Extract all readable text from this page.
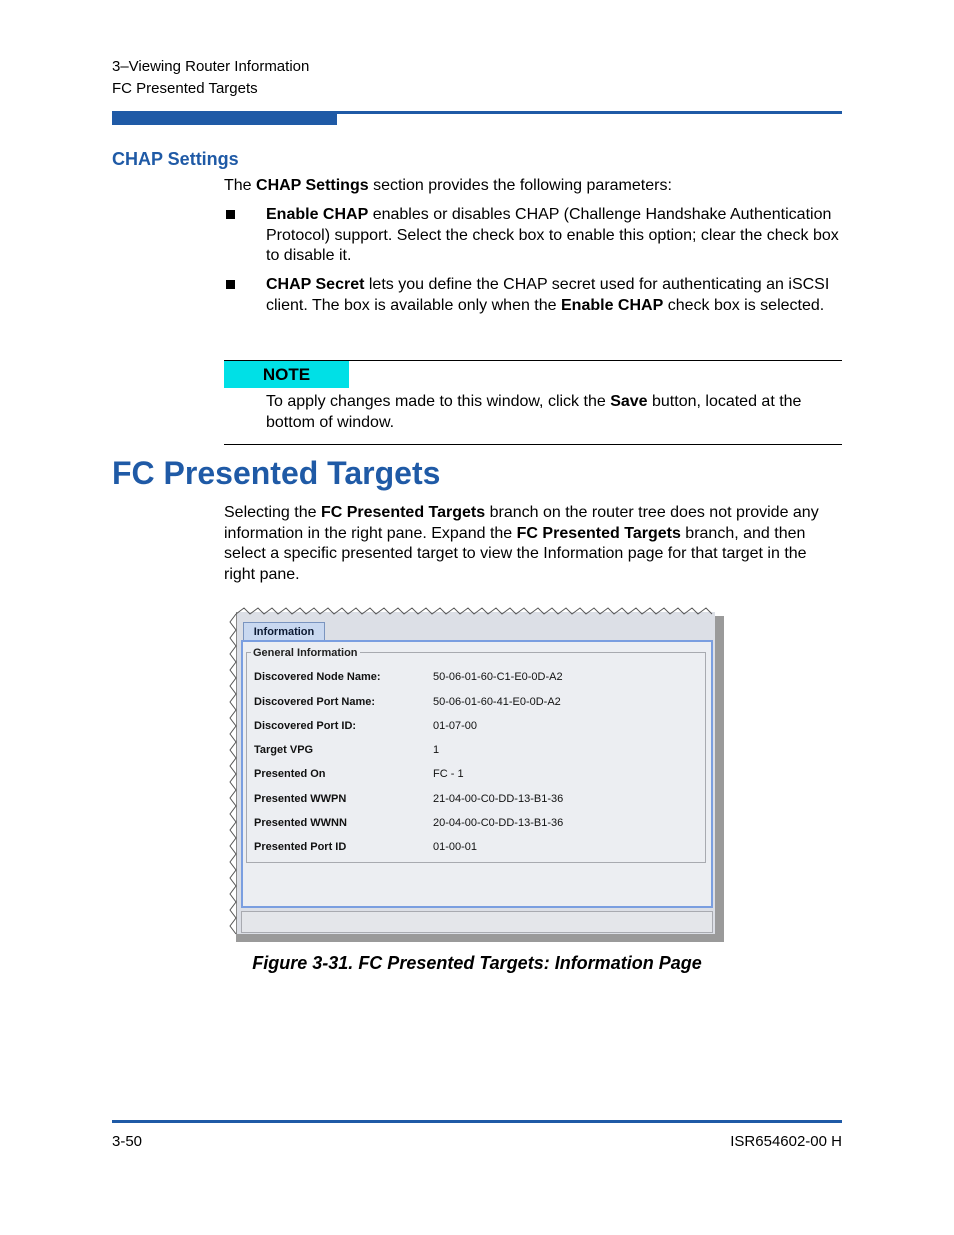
3–Viewing Router Information
FC Presented Targets
CHAP Settings
The CHAP Settings section provides the following parameters:
Enable CHAP enables or disables CHAP (Challenge Handshake Authentication Protocol) support. Select the check box to enable this option; clear the check box to disable it.
CHAP Secret lets you define the CHAP secret used for authenticating an iSCSI client. The box is available only when the Enable CHAP check box is selected.
NOTE
To apply changes made to this window, click the Save button, located at the bottom of window.
FC Presented Targets
Selecting the FC Presented Targets branch on the router tree does not provide any information in the right pane. Expand the FC Presented Targets branch, and then select a specific presented target to view the Information page for that target in the right pane.
Information
General Information
Discovered Node Name:	50-06-01-60-C1-E0-0D-A2
Discovered Port Name:	50-06-01-60-41-E0-0D-A2
Discovered Port ID:	01-07-00
Target VPG	1
Presented On	FC - 1
Presented WWPN	21-04-00-C0-DD-13-B1-36
Presented WWNN	20-04-00-C0-DD-13-B1-36
Presented Port ID	01-00-01
Figure 3-31. FC Presented Targets: Information Page
3-50	ISR654602-00 H
